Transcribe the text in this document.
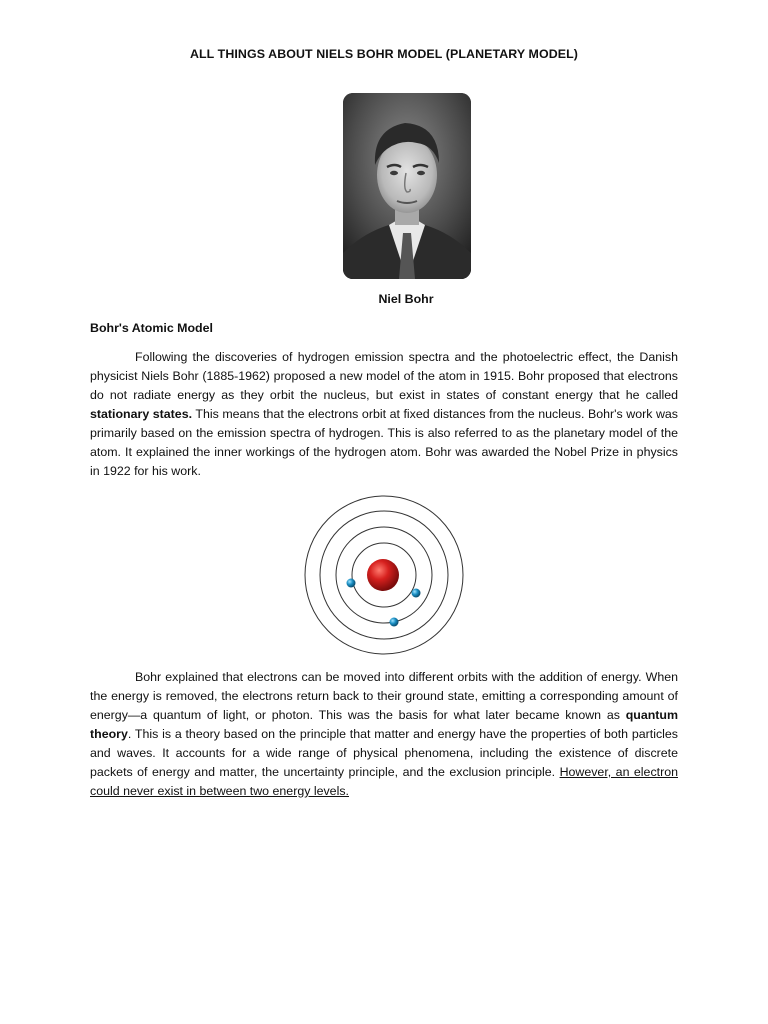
ALL THINGS ABOUT NIELS BOHR MODEL (PLANETARY MODEL)
Niel Bohr
Bohr's Atomic Model

Following the discoveries of hydrogen emission spectra and the photoelectric effect, the Danish physicist Niels Bohr (1885-1962) proposed a new model of the atom in 1915. Bohr proposed that electrons do not radiate energy as they orbit the nucleus, but exist in states of constant energy that he called stationary states. This means that the electrons orbit at fixed distances from the nucleus. Bohr's work was primarily based on the emission spectra of hydrogen. This is also referred to as the planetary model of the atom. It explained the inner workings of the hydrogen atom. Bohr was awarded the Nobel Prize in physics in 1922 for his work.

Bohr explained that electrons can be moved into different orbits with the addition of energy. When the energy is removed, the electrons return back to their ground state, emitting a corresponding amount of energy—a quantum of light, or photon. This was the basis for what later became known as quantum theory. This is a theory based on the principle that matter and energy have the properties of both particles and waves. It accounts for a wide range of physical phenomena, including the existence of discrete packets of energy and matter, the uncertainty principle, and the exclusion principle. However, an electron could never exist in between two energy levels.
